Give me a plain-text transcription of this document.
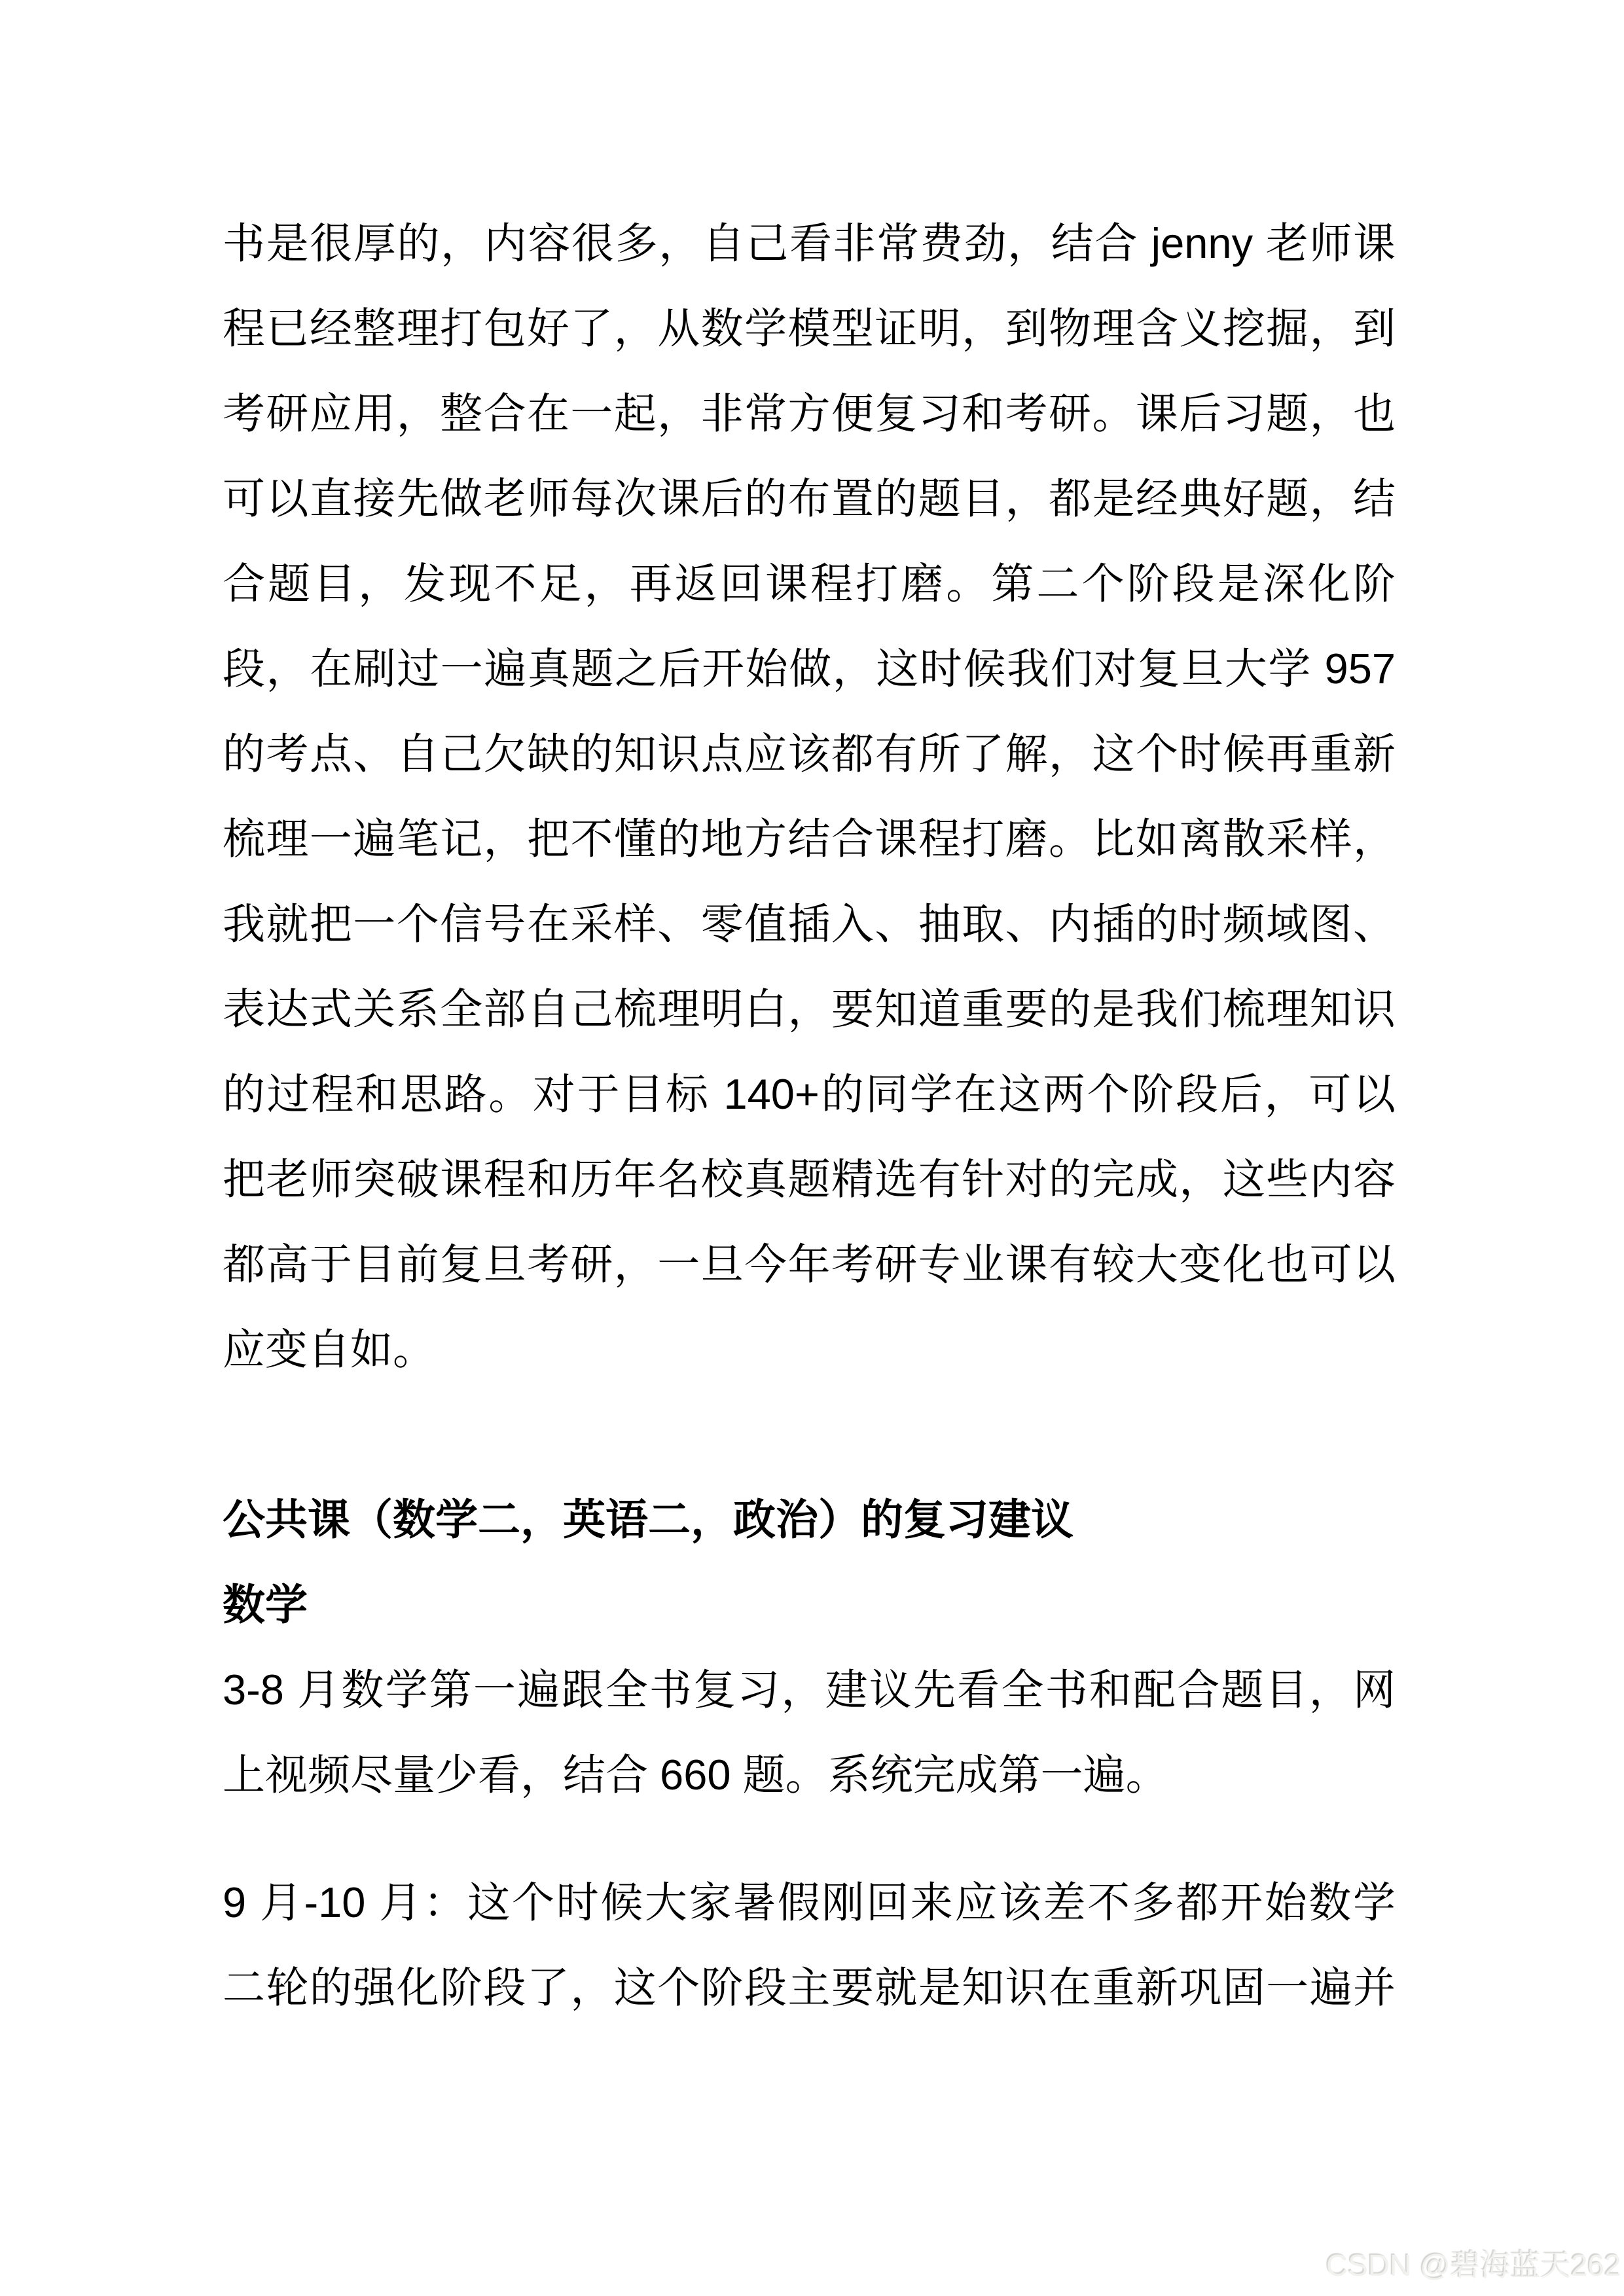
书是很厚的，内容很多，自己看非常费劲，结合 jenny 老师课
程已经整理打包好了，从数学模型证明，到物理含义挖掘，到
考研应用，整合在一起，非常方便复习和考研。课后习题，也
可以直接先做老师每次课后的布置的题目，都是经典好题，结
合题目，发现不足，再返回课程打磨。第二个阶段是深化阶
段，在刷过一遍真题之后开始做，这时候我们对复旦大学 957
的考点、自己欠缺的知识点应该都有所了解，这个时候再重新
梳理一遍笔记，把不懂的地方结合课程打磨。比如离散采样，
我就把一个信号在采样、零值插入、抽取、内插的时频域图、
表达式关系全部自己梳理明白，要知道重要的是我们梳理知识
的过程和思路。对于目标 140+的同学在这两个阶段后，可以
把老师突破课程和历年名校真题精选有针对的完成，这些内容
都高于目前复旦考研，一旦今年考研专业课有较大变化也可以
应变自如。
公共课（数学二，英语二，政治）的复习建议
数学
3-8 月数学第一遍跟全书复习，建议先看全书和配合题目，网
上视频尽量少看，结合 660 题。系统完成第一遍。
9 月-10 月：这个时候大家暑假刚回来应该差不多都开始数学
二轮的强化阶段了，这个阶段主要就是知识在重新巩固一遍并
CSDN @碧海蓝天262
